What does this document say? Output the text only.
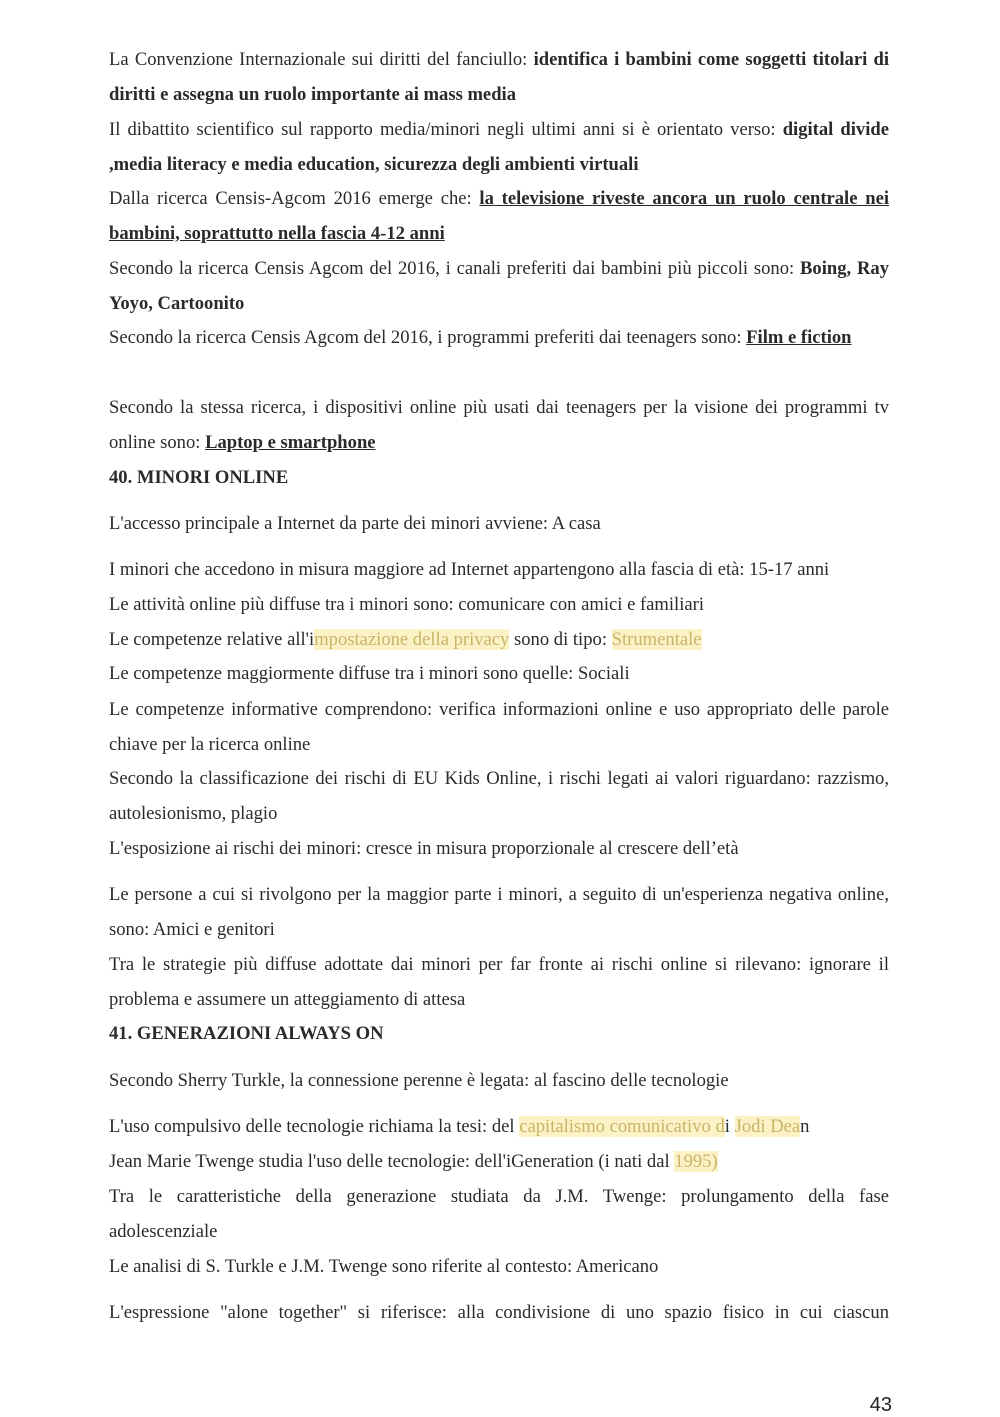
La Convenzione Internazionale sui diritti del fanciullo: identifica i bambini come soggetti titolari di diritti e assegna un ruolo importante ai mass media

Il dibattito scientifico sul rapporto media/minori negli ultimi anni si è orientato verso: digital divide ,media literacy e media education, sicurezza degli ambienti virtuali

Dalla ricerca Censis-Agcom 2016 emerge che: la televisione riveste ancora un ruolo centrale nei bambini, soprattutto nella fascia 4-12 anni

Secondo la ricerca Censis Agcom del 2016, i canali preferiti dai bambini più piccoli sono: Boing, Ray Yoyo, Cartoonito

Secondo la ricerca Censis Agcom del 2016, i programmi preferiti dai teenagers sono: Film e fiction

Secondo la stessa ricerca, i dispositivi online più usati dai teenagers per la visione dei programmi tv online sono: Laptop e smartphone

40. MINORI ONLINE

L'accesso principale a Internet da parte dei minori avviene: A casa

I minori che accedono in misura maggiore ad Internet appartengono alla fascia di età: 15-17 anni

Le attività online più diffuse tra i minori sono: comunicare con amici e familiari

Le competenze relative all'impostazione della privacy sono di tipo: Strumentale

Le competenze maggiormente diffuse tra i minori sono quelle: Sociali

Le competenze informative comprendono: verifica informazioni online e uso appropriato delle parole chiave per la ricerca online

Secondo la classificazione dei rischi di EU Kids Online, i rischi legati ai valori riguardano: razzismo, autolesionismo, plagio

L'esposizione ai rischi dei minori: cresce in misura proporzionale al crescere dell’età

Le persone a cui si rivolgono per la maggior parte i minori, a seguito di un'esperienza negativa online, sono: Amici e genitori

Tra le strategie più diffuse adottate dai minori per far fronte ai rischi online si rilevano: ignorare il problema e assumere un atteggiamento di attesa

41. GENERAZIONI ALWAYS ON

Secondo Sherry Turkle, la connessione perenne è legata: al fascino delle tecnologie

L'uso compulsivo delle tecnologie richiama la tesi: del capitalismo comunicativo di Jodi Dean

Jean Marie Twenge studia l'uso delle tecnologie: dell'iGeneration (i nati dal 1995)

Tra le caratteristiche della generazione studiata da J.M. Twenge: prolungamento della fase adolescenziale

Le analisi di S. Turkle e J.M. Twenge sono riferite al contesto: Americano

L'espressione "alone together" si riferisce: alla condivisione di uno spazio fisico in cui ciascun

43
